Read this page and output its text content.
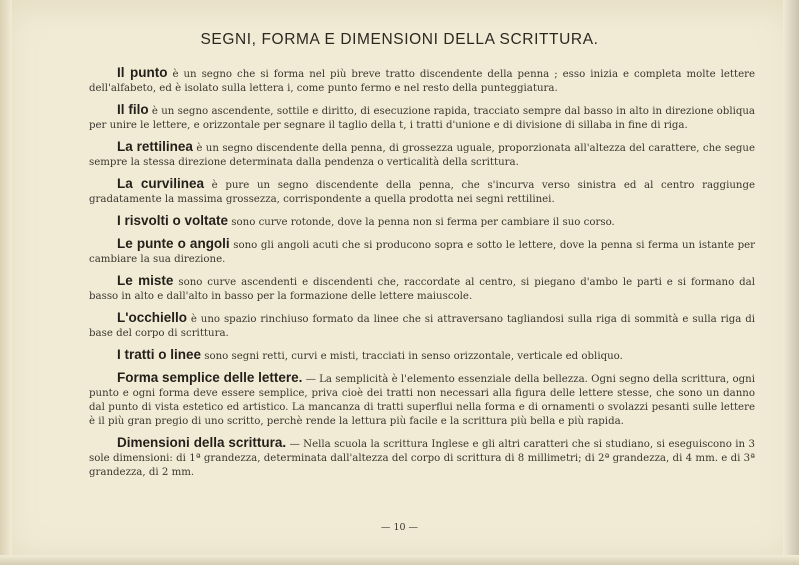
SEGNI, FORMA E DIMENSIONI DELLA SCRITTURA.
Il punto è un segno che si forma nel più breve tratto discendente della penna ; esso inizia e completa molte lettere dell'alfabeto, ed è isolato sulla lettera i, come punto fermo e nel resto della punteggiatura.
Il filo è un segno ascendente, sottile e diritto, di esecuzione rapida, tracciato sempre dal basso in alto in direzione obliqua per unire le lettere, e orizzontale per segnare il taglio della t, i tratti d'unione e di divisione di sillaba in fine di riga.
La rettilinea è un segno discendente della penna, di grossezza uguale, proporzionata all'altezza del carattere, che segue sempre la stessa direzione determinata dalla pendenza o verticalità della scrittura.
La curvilinea è pure un segno discendente della penna, che s'incurva verso sinistra ed al centro raggiunge gradatamente la massima grossezza, corrispondente a quella prodotta nei segni rettilinei.
I risvolti o voltate sono curve rotonde, dove la penna non si ferma per cambiare il suo corso.
Le punte o angoli sono gli angoli acuti che si producono sopra e sotto le lettere, dove la penna si ferma un istante per cambiare la sua direzione.
Le miste sono curve ascendenti e discendenti che, raccordate al centro, si piegano d'ambo le parti e si formano dal basso in alto e dall'alto in basso per la formazione delle lettere maiuscole.
L'occhiello è uno spazio rinchiuso formato da linee che si attraversano tagliandosi sulla riga di sommità e sulla riga di base del corpo di scrittura.
I tratti o linee sono segni retti, curvi e misti, tracciati in senso orizzontale, verticale ed obliquo.
Forma semplice delle lettere. — La semplicità è l'elemento essenziale della bellezza. Ogni segno della scrittura, ogni punto e ogni forma deve essere semplice, priva cioè dei tratti non necessari alla figura delle lettere stesse, che sono un danno dal punto di vista estetico ed artistico. La mancanza di tratti superflui nella forma e di ornamenti o svolazzi pesanti sulle lettere è il più gran pregio di uno scritto, perchè rende la lettura più facile e la scrittura più bella e più rapida.
Dimensioni della scrittura. — Nella scuola la scrittura Inglese e gli altri caratteri che si studiano, si eseguiscono in 3 sole dimensioni: di 1ª grandezza, determinata dall'altezza del corpo di scrittura di 8 millimetri; di 2ª grandezza, di 4 mm. e di 3ª grandezza, di 2 mm.
— 10 —
